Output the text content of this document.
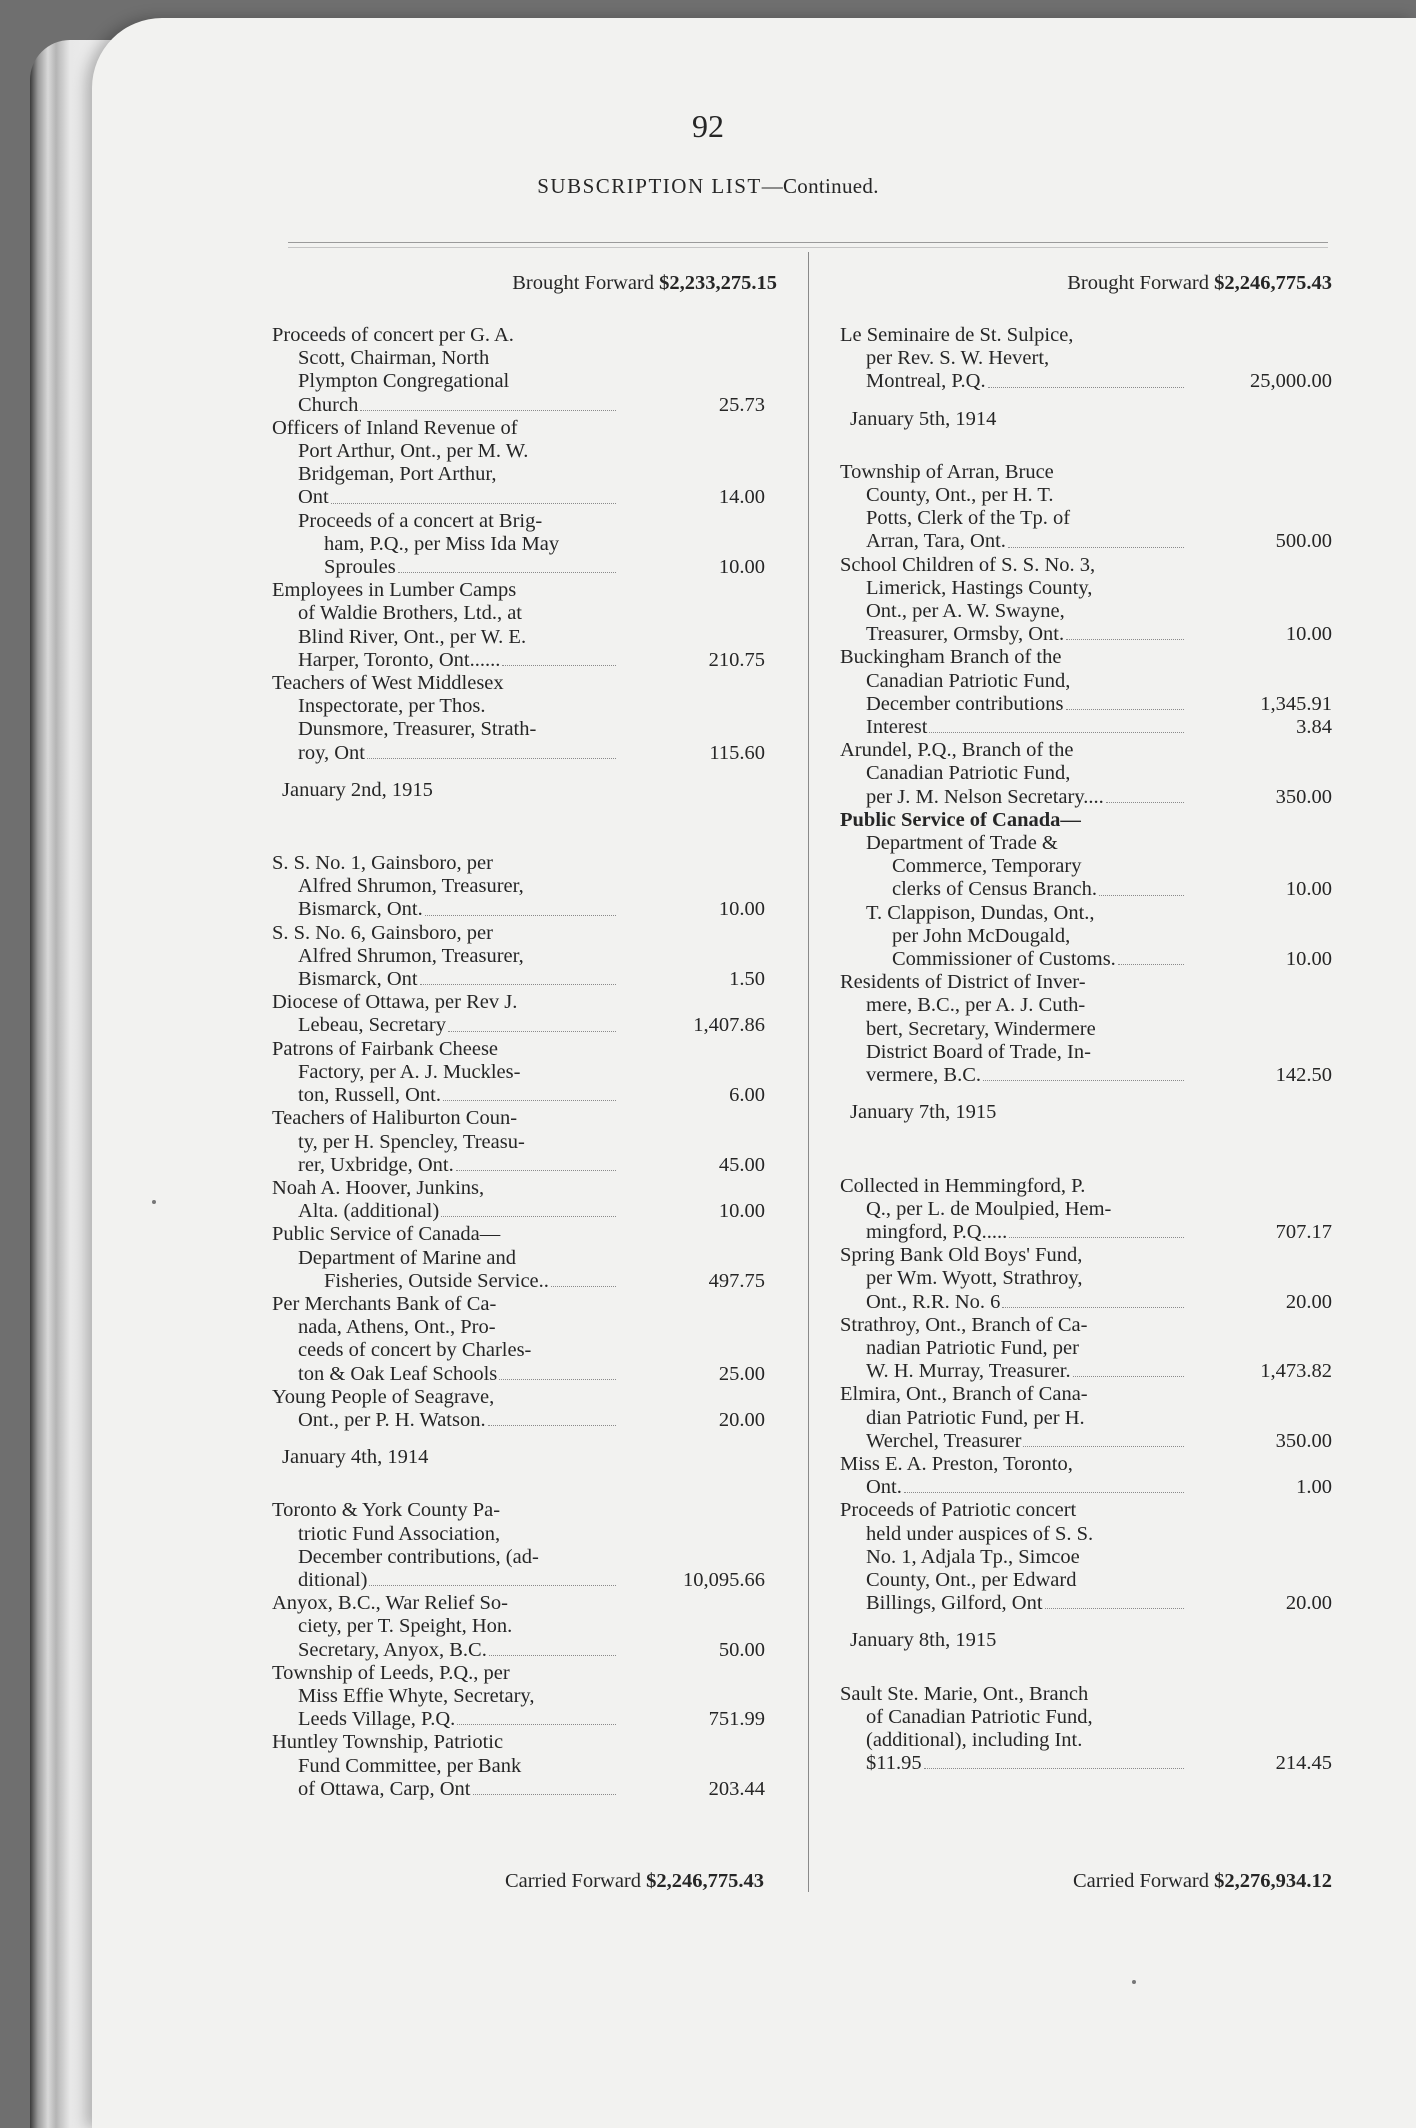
92
SUBSCRIPTION LIST—Continued.
Brought Forward $2,233,275.15
Proceeds of concert per G. A.
Scott, Chairman, North
Plympton Congregational
Church	25.73
Officers of Inland Revenue of
Port Arthur, Ont., per M. W.
Bridgeman, Port Arthur,
Ont	14.00
Proceeds of a concert at Brig-
ham, P.Q., per Miss Ida May
Sproules	10.00
Employees in Lumber Camps
of Waldie Brothers, Ltd., at
Blind River, Ont., per W. E.
Harper, Toronto, Ont......	210.75
Teachers of West Middlesex
Inspectorate, per Thos.
Dunsmore, Treasurer, Strath-
roy, Ont	115.60
January 2nd, 1915
S. S. No. 1, Gainsboro, per
Alfred Shrumon, Treasurer,
Bismarck, Ont.	10.00
S. S. No. 6, Gainsboro, per
Alfred Shrumon, Treasurer,
Bismarck, Ont	1.50
Diocese of Ottawa, per Rev J.
Lebeau, Secretary	1,407.86
Patrons of Fairbank Cheese
Factory, per A. J. Muckles-
ton, Russell, Ont.	6.00
Teachers of Haliburton Coun-
ty, per H. Spencley, Treasu-
rer, Uxbridge, Ont.	45.00
Noah A. Hoover, Junkins,
Alta. (additional)	10.00
Public Service of Canada—
Department of Marine and
Fisheries, Outside Service..	497.75
Per Merchants Bank of Ca-
nada, Athens, Ont., Pro-
ceeds of concert by Charles-
ton & Oak Leaf Schools	25.00
Young People of Seagrave,
Ont., per P. H. Watson.	20.00
January 4th, 1914
Toronto & York County Pa-
triotic Fund Association,
December contributions, (ad-
ditional)	10,095.66
Anyox, B.C., War Relief So-
ciety, per T. Speight, Hon.
Secretary, Anyox, B.C.	50.00
Township of Leeds, P.Q., per
Miss Effie Whyte, Secretary,
Leeds Village, P.Q.	751.99
Huntley Township, Patriotic
Fund Committee, per Bank
of Ottawa, Carp, Ont	203.44
Brought Forward $2,246,775.43
Le Seminaire de St. Sulpice,
per Rev. S. W. Hevert,
Montreal, P.Q.	25,000.00
January 5th, 1914
Township of Arran, Bruce
County, Ont., per H. T.
Potts, Clerk of the Tp. of
Arran, Tara, Ont.	500.00
School Children of S. S. No. 3,
Limerick, Hastings County,
Ont., per A. W. Swayne,
Treasurer, Ormsby, Ont.	10.00
Buckingham Branch of the
Canadian Patriotic Fund,
December contributions	1,345.91
Interest	3.84
Arundel, P.Q., Branch of the
Canadian Patriotic Fund,
per J. M. Nelson Secretary....	350.00
Public Service of Canada—
Department of Trade &
Commerce, Temporary
clerks of Census Branch.	10.00
T. Clappison, Dundas, Ont.,
per John McDougald,
Commissioner of Customs.	10.00
Residents of District of Inver-
mere, B.C., per A. J. Cuth-
bert, Secretary, Windermere
District Board of Trade, In-
vermere, B.C.	142.50
January 7th, 1915
Collected in Hemmingford, P.
Q., per L. de Moulpied, Hem-
mingford, P.Q.....	707.17
Spring Bank Old Boys' Fund,
per Wm. Wyott, Strathroy,
Ont., R.R. No. 6	20.00
Strathroy, Ont., Branch of Ca-
nadian Patriotic Fund, per
W. H. Murray, Treasurer.	1,473.82
Elmira, Ont., Branch of Cana-
dian Patriotic Fund, per H.
Werchel, Treasurer	350.00
Miss E. A. Preston, Toronto,
Ont.	1.00
Proceeds of Patriotic concert
held under auspices of S. S.
No. 1, Adjala Tp., Simcoe
County, Ont., per Edward
Billings, Gilford, Ont	20.00
January 8th, 1915
Sault Ste. Marie, Ont., Branch
of Canadian Patriotic Fund,
(additional), including Int.
$11.95	214.45
Carried Forward $2,246,775.43	Carried Forward $2,276,934.12
